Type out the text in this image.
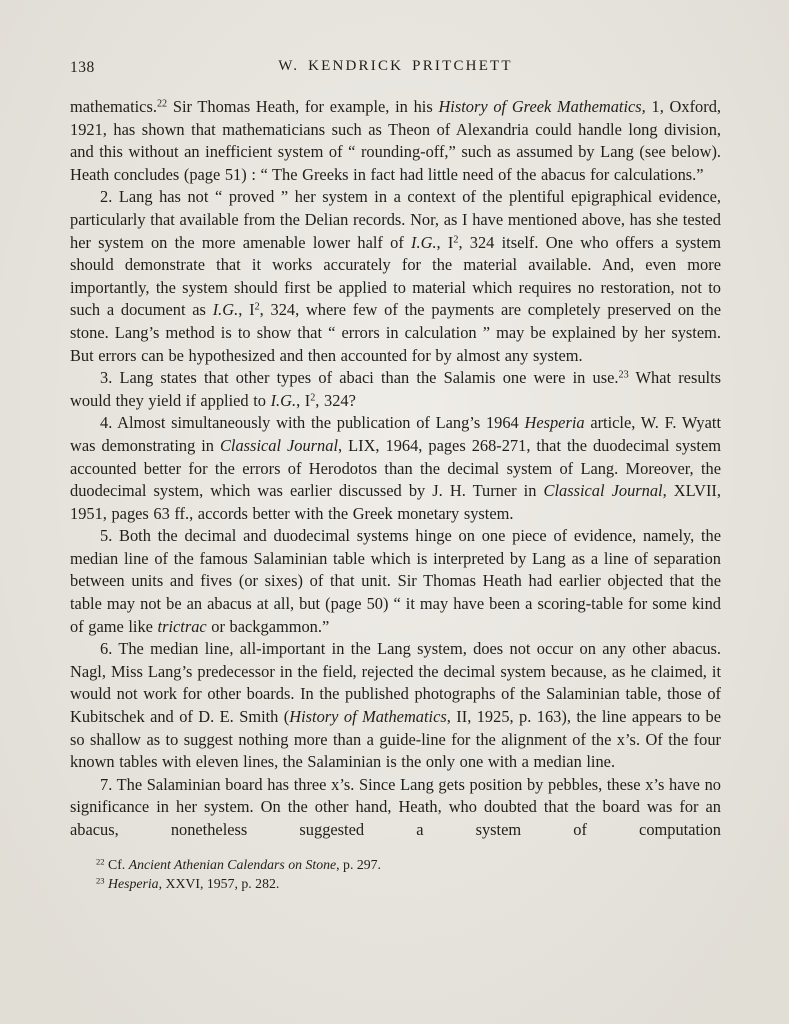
138	W. KENDRICK PRITCHETT

mathematics.$^{22}$ Sir Thomas Heath, for example, in his History of Greek Mathematics, 1, Oxford, 1921, has shown that mathematicians such as Theon of Alexandria could handle long division, and this without an inefficient system of “ rounding-off,” such as assumed by Lang (see below). Heath concludes (page 51) : “ The Greeks in fact had little need of the abacus for calculations.”

2. Lang has not “ proved ” her system in a context of the plentiful epigraphical evidence, particularly that available from the Delian records. Nor, as I have mentioned above, has she tested her system on the more amenable lower half of I.G., $I^2$, 324 itself. One who offers a system should demonstrate that it works accurately for the material available. And, even more importantly, the system should first be applied to material which requires no restoration, not to such a document as I.G., $I^2$, 324, where few of the payments are completely preserved on the stone. Lang’s method is to show that “ errors in calculation ” may be explained by her system. But errors can be hypothesized and then accounted for by almost any system.

3. Lang states that other types of abaci than the Salamis one were in use.$^{23}$ What results would they yield if applied to I.G., $I^2$, 324?

4. Almost simultaneously with the publication of Lang’s 1964 Hesperia article, W. F. Wyatt was demonstrating in Classical Journal, LIX, 1964, pages 268-271, that the duodecimal system accounted better for the errors of Herodotos than the decimal system of Lang. Moreover, the duodecimal system, which was earlier discussed by J. H. Turner in Classical Journal, XLVII, 1951, pages 63 ff., accords better with the Greek monetary system.

5. Both the decimal and duodecimal systems hinge on one piece of evidence, namely, the median line of the famous Salaminian table which is interpreted by Lang as a line of separation between units and fives (or sixes) of that unit. Sir Thomas Heath had earlier objected that the table may not be an abacus at all, but (page 50) “ it may have been a scoring-table for some kind of game like trictrac or backgammon.”

6. The median line, all-important in the Lang system, does not occur on any other abacus. Nagl, Miss Lang’s predecessor in the field, rejected the decimal system because, as he claimed, it would not work for other boards. In the published photographs of the Salaminian table, those of Kubitschek and of D. E. Smith (History of Mathematics, II, 1925, p. 163), the line appears to be so shallow as to suggest nothing more than a guide-line for the alignment of the x’s. Of the four known tables with eleven lines, the Salaminian is the only one with a median line.

7. The Salaminian board has three x’s. Since Lang gets position by pebbles, these x’s have no significance in her system. On the other hand, Heath, who doubted that the board was for an abacus, nonetheless suggested a system of computation

$^{22}$ Cf. Ancient Athenian Calendars on Stone, p. 297.
$^{23}$ Hesperia, XXVI, 1957, p. 282.
